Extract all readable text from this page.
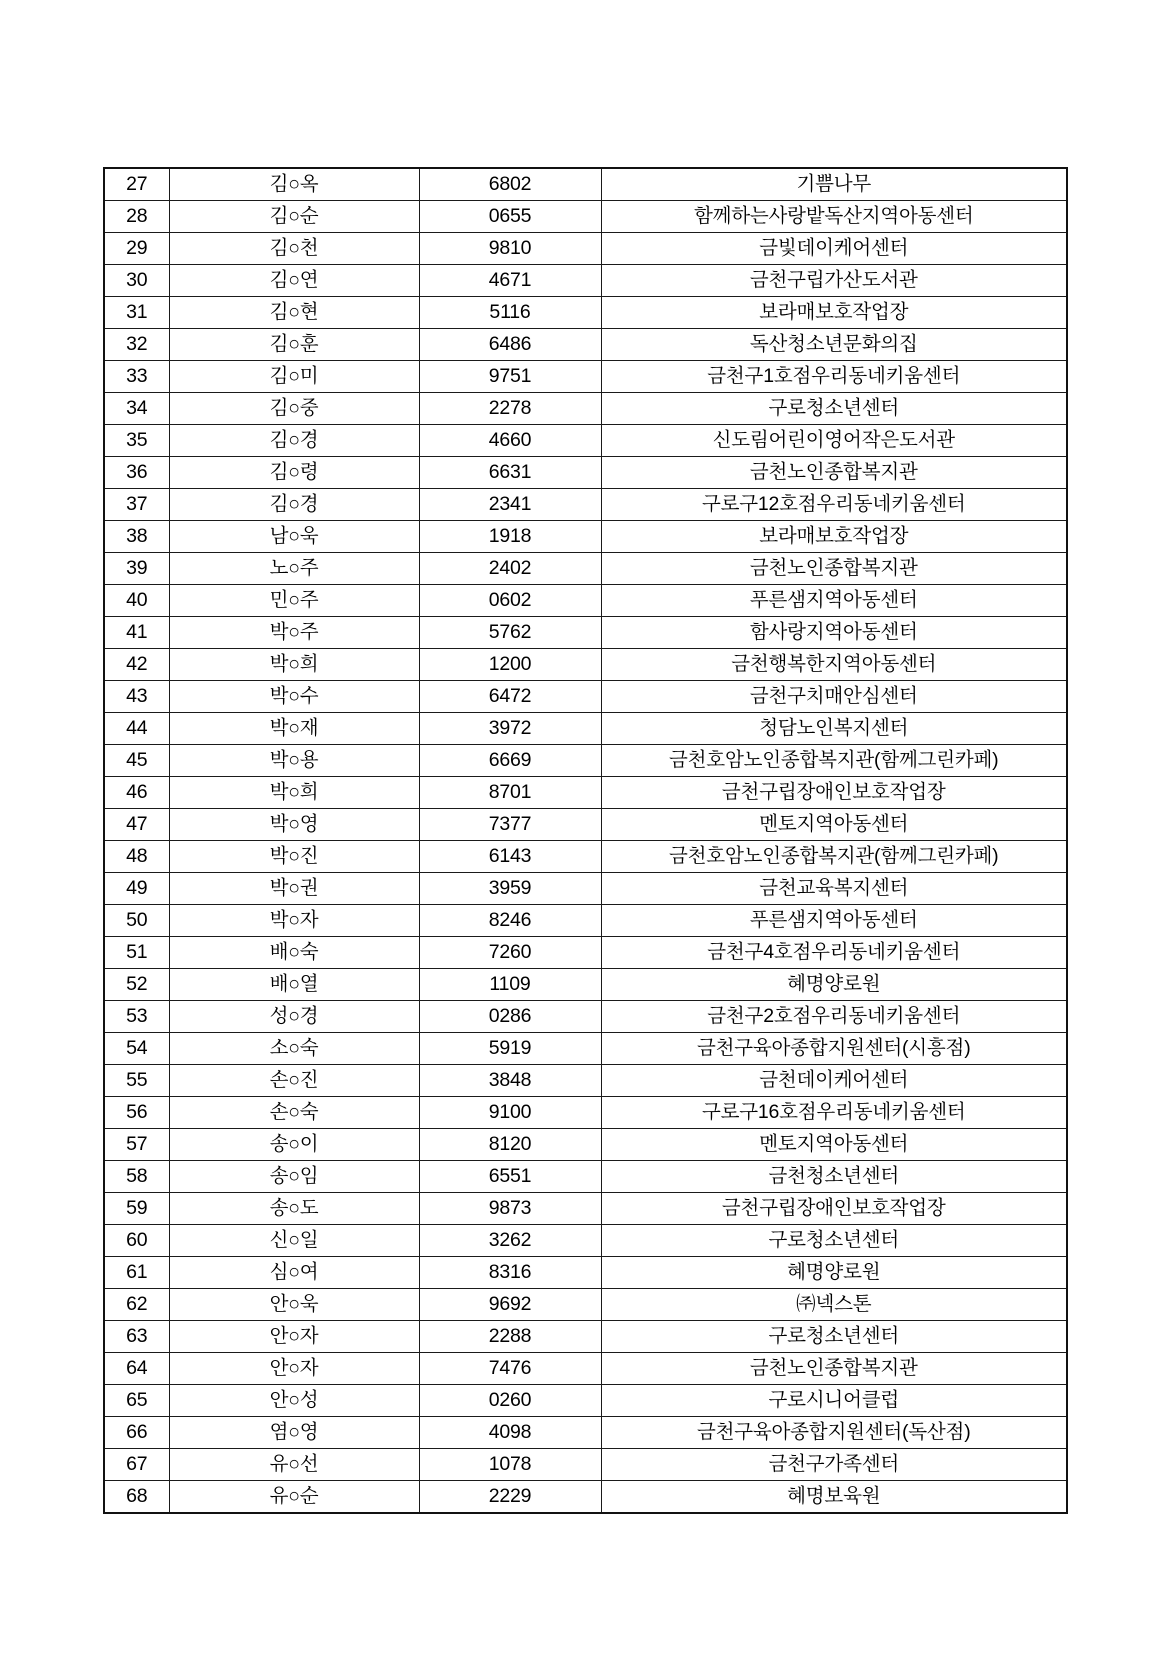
27	김○옥	6802	기쁨나무
28	김○순	0655	함께하는사랑밭독산지역아동센터
29	김○천	9810	금빛데이케어센터
30	김○연	4671	금천구립가산도서관
31	김○현	5116	보라매보호작업장
32	김○훈	6486	독산청소년문화의집
33	김○미	9751	금천구1호점우리동네키움센터
34	김○중	2278	구로청소년센터
35	김○경	4660	신도림어린이영어작은도서관
36	김○령	6631	금천노인종합복지관
37	김○경	2341	구로구12호점우리동네키움센터
38	남○욱	1918	보라매보호작업장
39	노○주	2402	금천노인종합복지관
40	민○주	0602	푸른샘지역아동센터
41	박○주	5762	함사랑지역아동센터
42	박○희	1200	금천행복한지역아동센터
43	박○수	6472	금천구치매안심센터
44	박○재	3972	청담노인복지센터
45	박○용	6669	금천호암노인종합복지관(함께그린카페)
46	박○희	8701	금천구립장애인보호작업장
47	박○영	7377	멘토지역아동센터
48	박○진	6143	금천호암노인종합복지관(함께그린카페)
49	박○권	3959	금천교육복지센터
50	박○자	8246	푸른샘지역아동센터
51	배○숙	7260	금천구4호점우리동네키움센터
52	배○열	1109	혜명양로원
53	성○경	0286	금천구2호점우리동네키움센터
54	소○숙	5919	금천구육아종합지원센터(시흥점)
55	손○진	3848	금천데이케어센터
56	손○숙	9100	구로구16호점우리동네키움센터
57	송○이	8120	멘토지역아동센터
58	송○임	6551	금천청소년센터
59	송○도	9873	금천구립장애인보호작업장
60	신○일	3262	구로청소년센터
61	심○여	8316	혜명양로원
62	안○욱	9692	㈜넥스톤
63	안○자	2288	구로청소년센터
64	안○자	7476	금천노인종합복지관
65	안○성	0260	구로시니어클럽
66	염○영	4098	금천구육아종합지원센터(독산점)
67	유○선	1078	금천구가족센터
68	유○순	2229	혜명보육원
